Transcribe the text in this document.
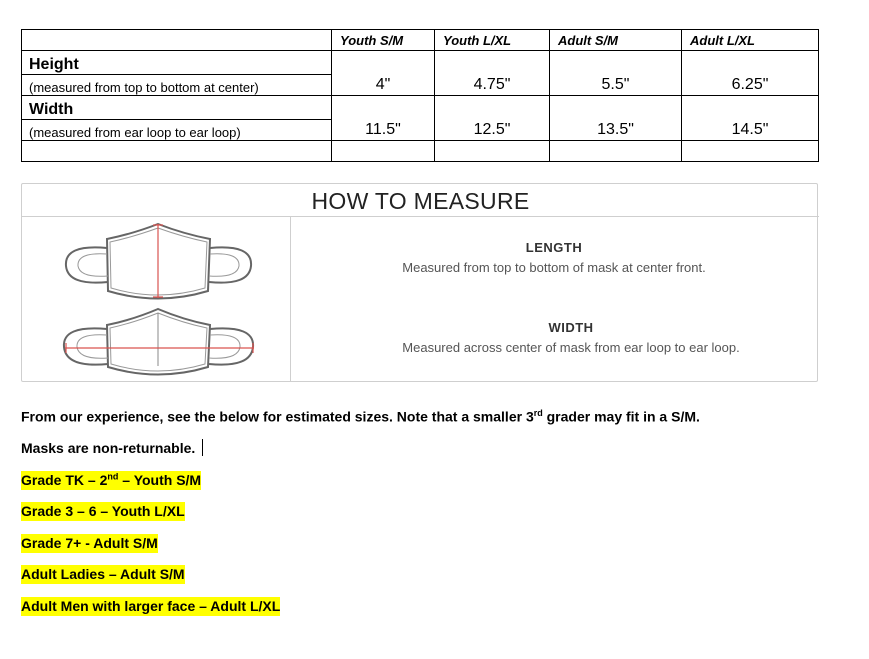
	Youth S/M	Youth L/XL	Adult S/M	Adult L/XL
Height	4"	4.75"	5.5"	6.25"
(measured from top to bottom at center)				
Width	11.5"	12.5"	13.5"	14.5"
(measured from ear loop to ear loop)				

HOW TO MEASURE
LENGTH
Measured from top to bottom of mask at center front.
WIDTH
Measured across center of mask from ear loop to ear loop.
From our experience, see the below for estimated sizes. Note that a smaller 3rd grader may fit in a S/M.
Masks are non-returnable.
Grade TK – 2nd – Youth S/M
Grade 3 – 6 – Youth L/XL
Grade 7+ - Adult S/M
Adult Ladies – Adult S/M
Adult Men with larger face – Adult L/XL
